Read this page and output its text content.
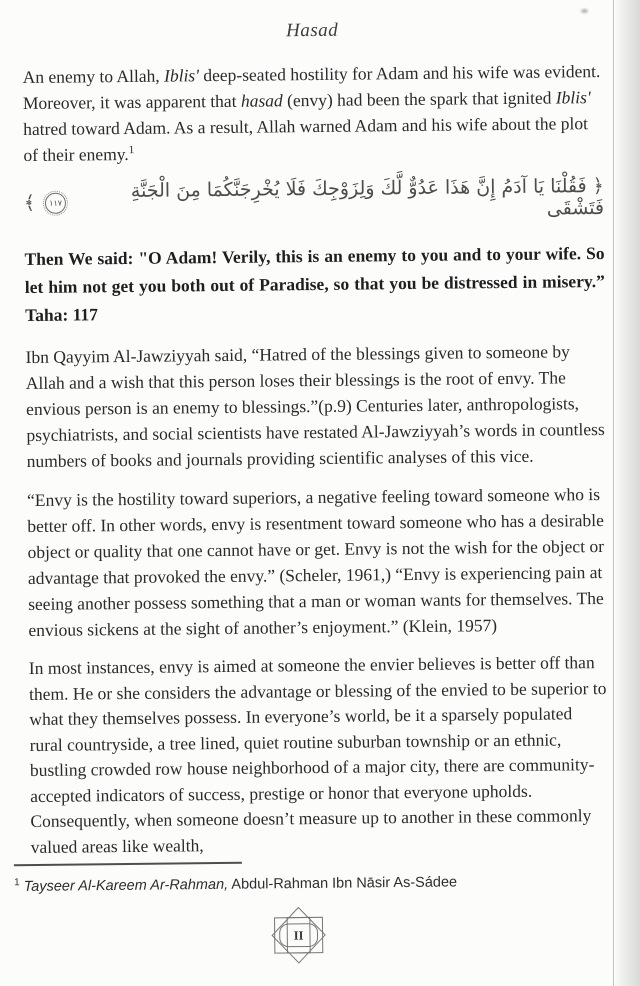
Hasad

An enemy to Allah, Iblis' deep-seated hostility for Adam and his wife was evident. Moreover, it was apparent that hasad (envy) had been the spark that ignited Iblis' hatred toward Adam. As a result, Allah warned Adam and his wife about the plot of their enemy.$^1$

﴿ فَقُلْنَا يَا آدَمُ إِنَّ هَذَا عَدُوٌّ لَّكَ وَلِزَوْجِكَ فَلَا يُخْرِجَنَّكُمَا مِنَ الْجَنَّةِ فَتَشْقَى
١١٧
﴾

Then We said: "O Adam! Verily, this is an enemy to you and to your wife. So let him not get you both out of Paradise, so that you be distressed in misery.” Taha: 117

Ibn Qayyim Al-Jawziyyah said, “Hatred of the blessings given to someone by Allah and a wish that this person loses their blessings is the root of envy. The envious person is an enemy to blessings.”(p.9) Centuries later, anthropologists, psychiatrists, and social scientists have restated Al-Jawziyyah’s words in countless numbers of books and journals providing scientific analyses of this vice.

“Envy is the hostility toward superiors, a negative feeling toward someone who is better off. In other words, envy is resentment toward someone who has a desirable object or quality that one cannot have or get. Envy is not the wish for the object or advantage that provoked the envy.” (Scheler, 1961,) “Envy is experiencing pain at seeing another possess something that a man or woman wants for themselves. The envious sickens at the sight of another’s enjoyment.” (Klein, 1957)

In most instances, envy is aimed at someone the envier believes is better off than them. He or she considers the advantage or blessing of the envied to be superior to what they themselves possess. In everyone’s world, be it a sparsely populated rural countryside, a tree lined, quiet routine suburban township or an ethnic, bustling crowded row house neighborhood of a major city, there are community-accepted indicators of success, prestige or honor that everyone upholds. Consequently, when someone doesn’t measure up to another in these commonly valued areas like wealth,

$^1$ Tayseer Al-Kareem Ar-Rahman, Abdul-Rahman Ibn Nāsir As-Sádee
II
